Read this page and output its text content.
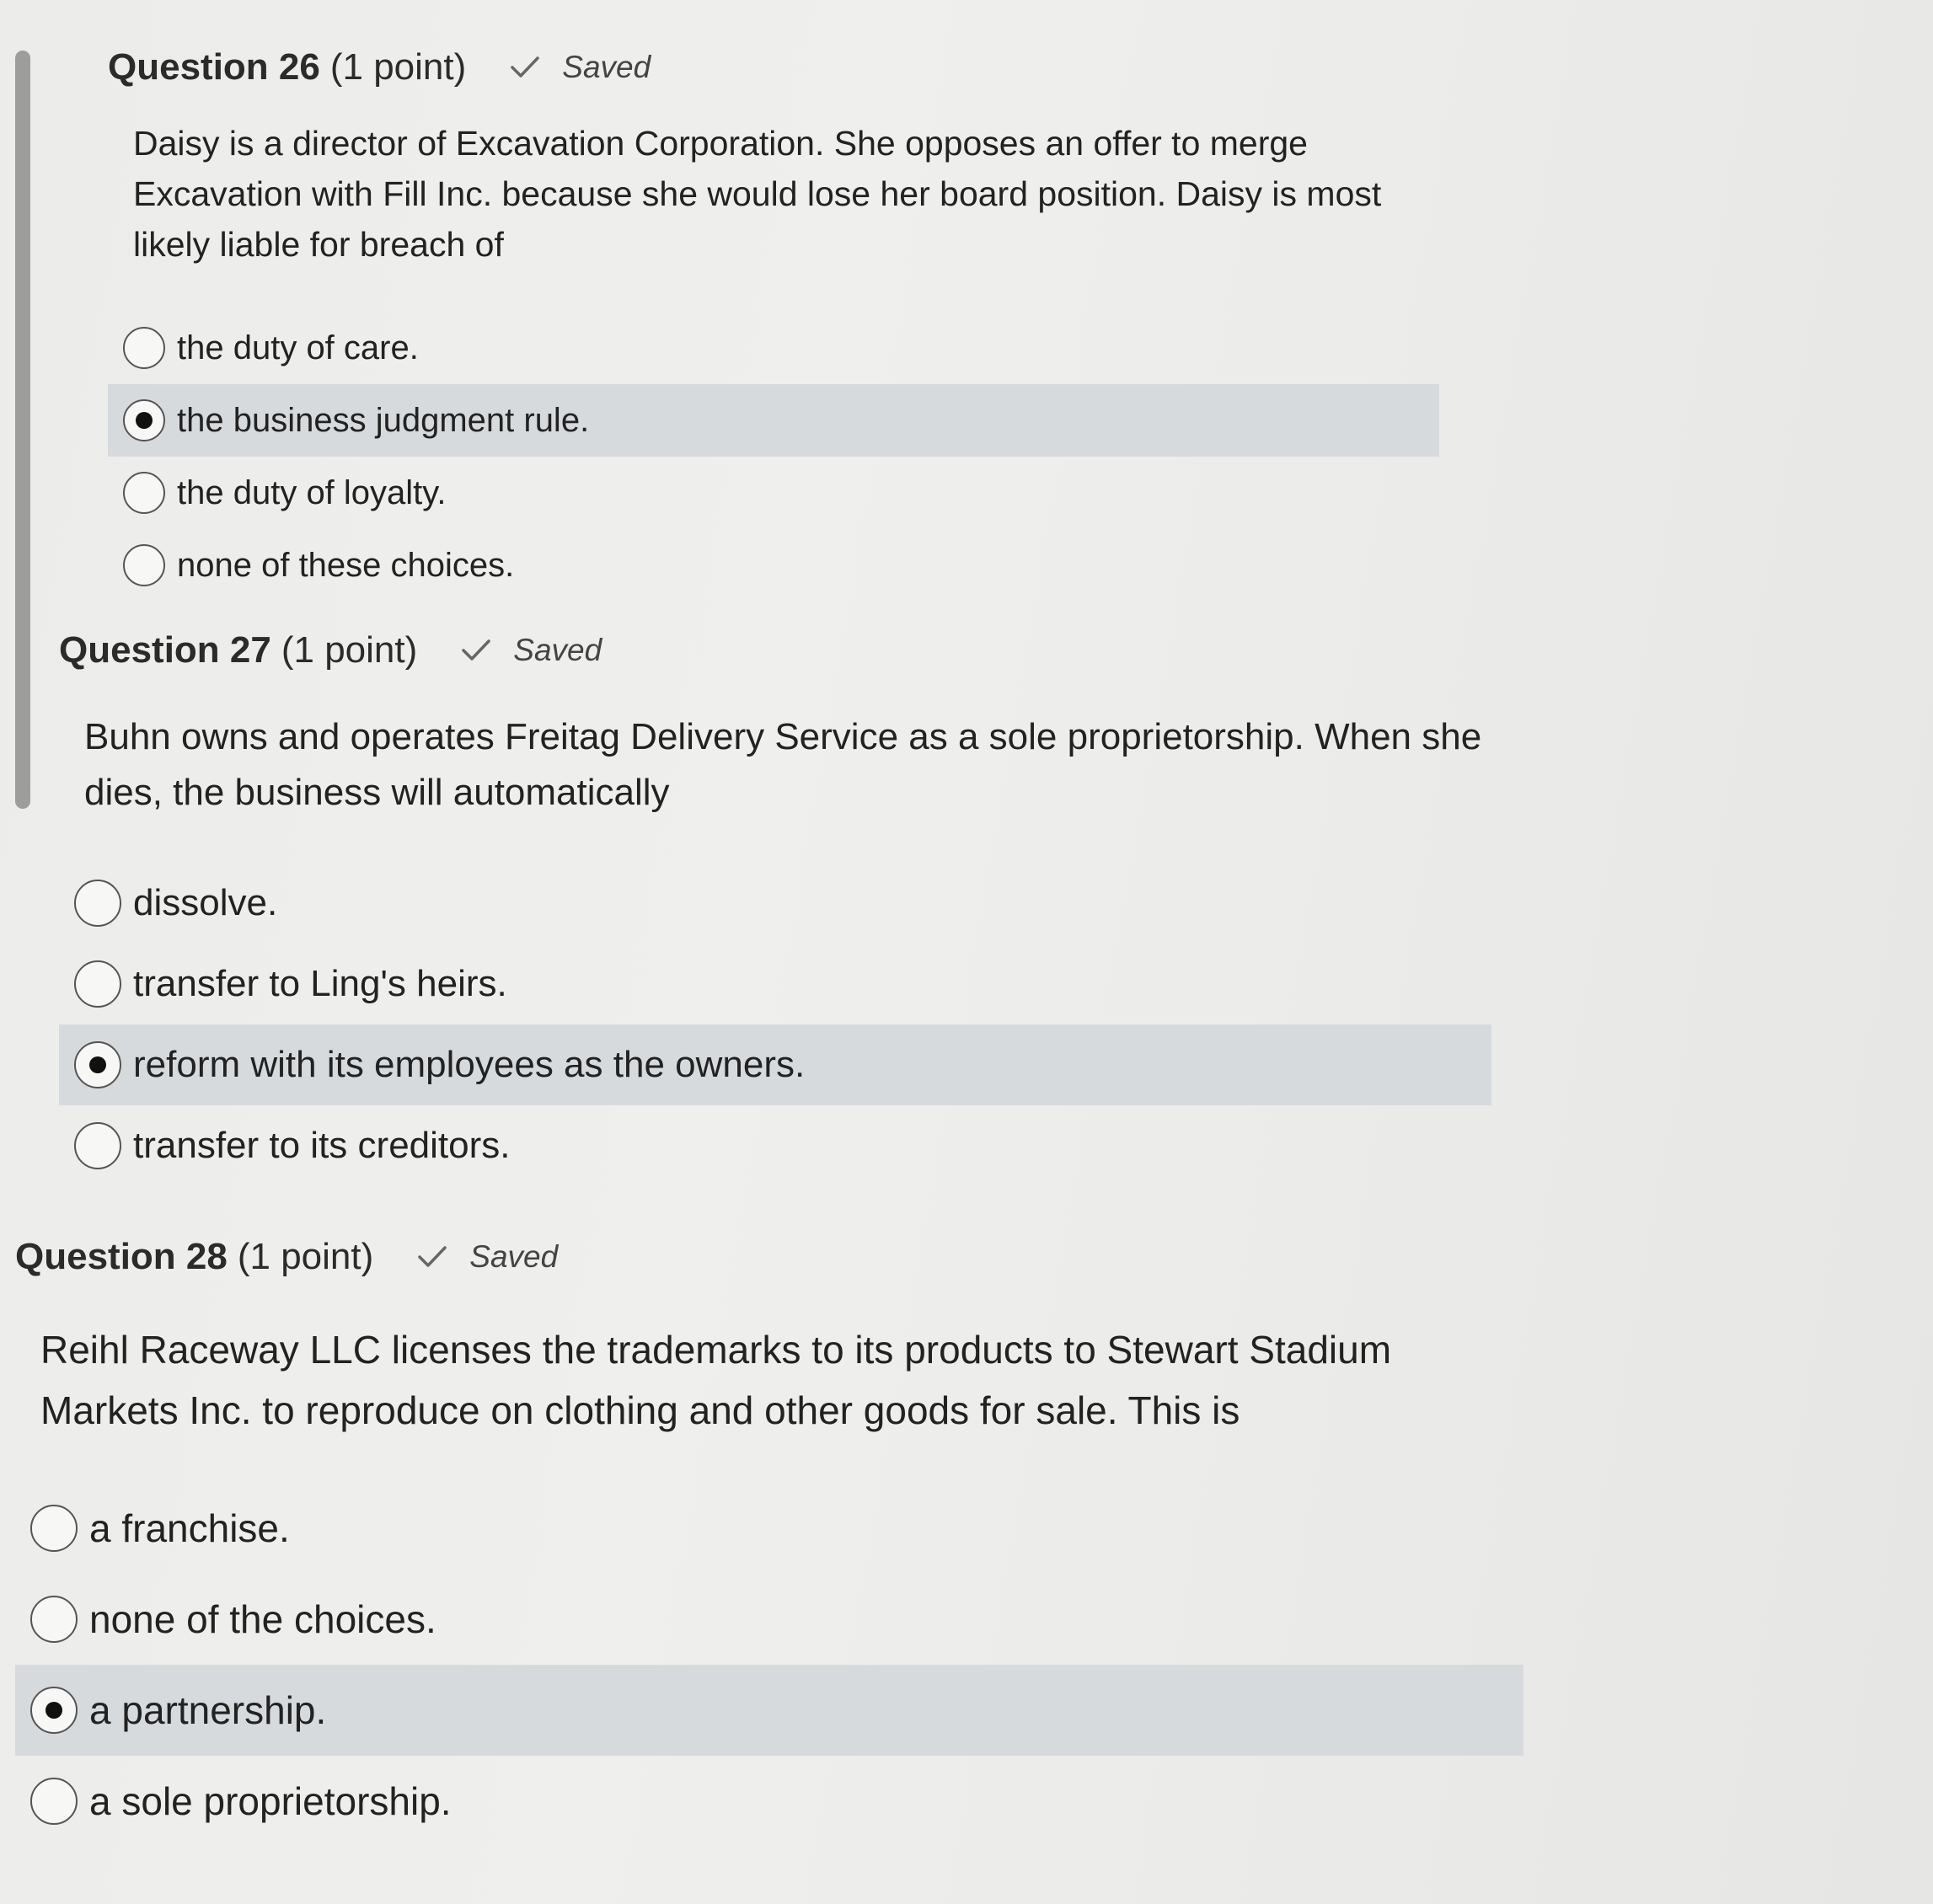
Question 26 (1 point)	Saved
Daisy is a director of Excavation Corporation. She opposes an offer to merge Excavation with Fill Inc. because she would lose her board position. Daisy is most likely liable for breach of
the duty of care.
the business judgment rule.
the duty of loyalty.
none of these choices.
Question 27 (1 point)	Saved
Buhn owns and operates Freitag Delivery Service as a sole proprietorship. When she dies, the business will automatically
dissolve.
transfer to Ling's heirs.
reform with its employees as the owners.
transfer to its creditors.
Question 28 (1 point)	Saved
Reihl Raceway LLC licenses the trademarks to its products to Stewart Stadium Markets Inc. to reproduce on clothing and other goods for sale. This is
a franchise.
none of the choices.
a partnership.
a sole proprietorship.
